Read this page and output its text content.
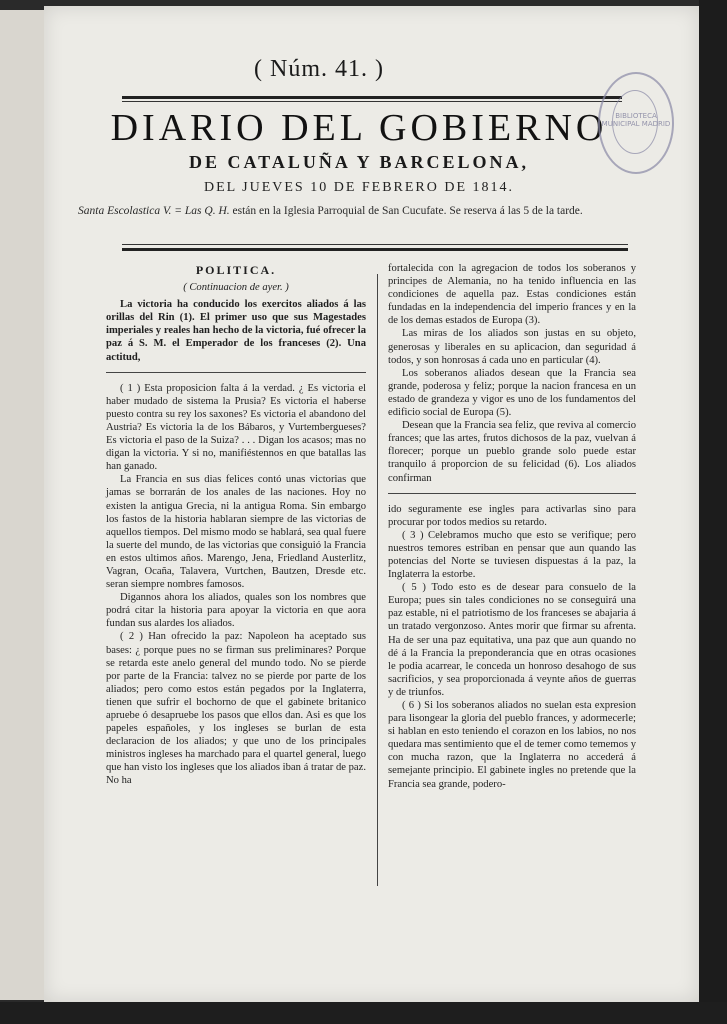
( Núm. 41. )
DIARIO DEL GOBIERNO
DE CATALUÑA Y BARCELONA,
DEL JUEVES 10 DE FEBRERO DE 1814.
Santa Escolastica V. = Las Q. H. están en la Iglesia Parroquial de San Cucufate. Se reserva á las 5 de la tarde.
BIBLIOTECA MUNICIPAL MADRID
POLITICA.
( Continuacion de ayer. )

La victoria ha conducido los exercitos aliados á las orillas del Rin (1). El primer uso que sus Magestades imperiales y reales han hecho de la victoria, fué ofrecer la paz á S. M. el Emperador de los franceses (2). Una actitud,

( 1 ) Esta proposicion falta á la verdad. ¿ Es victoria el haber mudado de sistema la Prusia? Es victoria el haberse puesto contra su rey los saxones? Es victoria el abandono del Austria? Es victoria la de los Bábaros, y Vurtembergueses? Es victoria el paso de la Suiza? . . . Digan los acasos; mas no digan la victoria. Y si no, manifiéstennos en que batallas las han ganado.

La Francia en sus dias felices contó unas victorias que jamas se borrarán de los anales de las naciones. Hoy no existen la antigua Grecia, ni la antigua Roma. Sin embargo los fastos de la historia hablaran siempre de las victorias de aquellos tiempos. Del mismo modo se hablará, sea qual fuere la suerte del mundo, de las victorias que consiguió la Francia en estos ultimos años. Marengo, Jena, Friedland Austerlitz, Vagran, Ocaña, Talavera, Vurtchen, Bautzen, Dresde etc. seran siempre nombres famosos.

Digannos ahora los aliados, quales son los nombres que podrá citar la historia para apoyar la victoria en que aora fundan sus alardes los aliados.

( 2 ) Han ofrecido la paz: Napoleon ha aceptado sus bases: ¿ porque pues no se firman sus preliminares? Porque se retarda este anelo general del mundo todo. No se pierde por parte de la Francia: talvez no se pierde por parte de los aliados; pero como estos están pegados por la Inglaterra, tienen que sufrir el bochorno de que el gabinete britanico apruebe ó desapruebe los pasos que ellos dan. Asi es que los papeles españoles, y los ingleses se burlan de esta declaracion de los aliados; y que uno de los principales ministros ingleses ha marchado para el quartel general, luego que han visto los ingleses que los aliados iban á tratar de paz. No ha

fortalecida con la agregacion de todos los soberanos y principes de Alemania, no ha tenido influencia en las condiciones de aquella paz. Estas condiciones están fundadas en la independencia del imperio frances y en la de los demas estados de Europa (3).

Las miras de los aliados son justas en su objeto, generosas y liberales en su aplicacion, dan seguridad á todos, y son honrosas á cada uno en particular (4).

Los soberanos aliados desean que la Francia sea grande, poderosa y feliz; porque la nacion francesa en un estado de grandeza y vigor es uno de los fundamentos del edificio social de Europa (5).

Desean que la Francia sea feliz, que reviva al comercio frances; que las artes, frutos dichosos de la paz, vuelvan á florecer; porque un pueblo grande solo puede estar tranquilo á proporcion de su felicidad (6). Los aliados confirman

ido seguramente ese ingles para activarlas sino para procurar por todos medios su retardo.

( 3 ) Celebramos mucho que esto se verifique; pero nuestros temores estriban en pensar que aun quando las potencias del Norte se tuviesen dispuestas á la paz, la Inglaterra la estorbe.

( 5 ) Todo esto es de desear para consuelo de la Europa; pues sin tales condiciones no se conseguirá una paz estable, ni el patriotismo de los franceses se abajaria á un tratado vergonzoso. Antes morir que firmar su afrenta. Ha de ser una paz equitativa, una paz que aun quando no dé á la Francia la preponderancia que en otras ocasiones le podia acarrear, le conceda un honroso desahogo de sus sacrificios, y sea proporcionada á veynte años de guerras y de triunfos.

( 6 ) Si los soberanos aliados no suelan esta expresion para lisongear la gloria del pueblo frances, y adormecerle; si hablan en esto teniendo el corazon en los labios, no nos quedara mas sentimiento que el de temer como tememos y con mucha razon, que la Inglaterra no accederá á semejante principio. El gabinete ingles no pretende que la Francia sea grande, podero-
